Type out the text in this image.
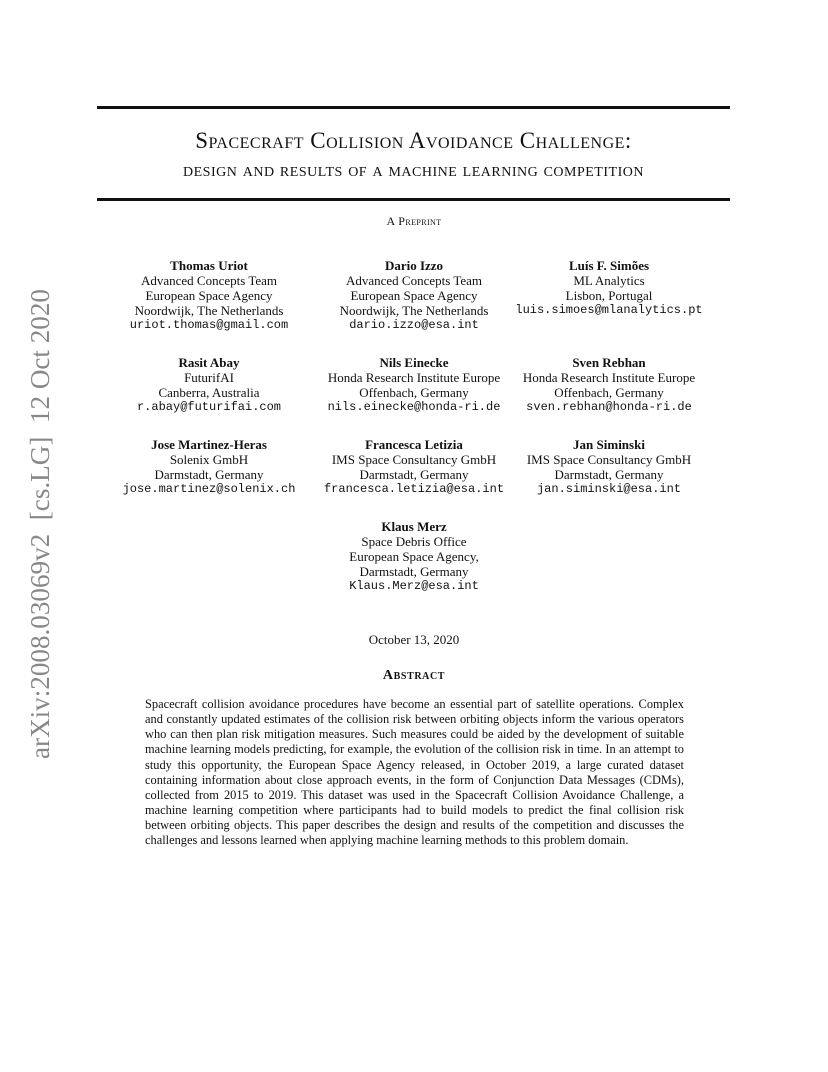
arXiv:2008.03069v2  [cs.LG]  12 Oct 2020
Spacecraft Collision Avoidance Challenge:
design and results of a machine learning competition
A Preprint
Thomas Uriot
Advanced Concepts Team
European Space Agency
Noordwijk, The Netherlands
uriot.thomas@gmail.com
Dario Izzo
Advanced Concepts Team
European Space Agency
Noordwijk, The Netherlands
dario.izzo@esa.int
Luís F. Simões
ML Analytics
Lisbon, Portugal
luis.simoes@mlanalytics.pt
Rasit Abay
FuturifAI
Canberra, Australia
r.abay@futurifai.com
Nils Einecke
Honda Research Institute Europe
Offenbach, Germany
nils.einecke@honda-ri.de
Sven Rebhan
Honda Research Institute Europe
Offenbach, Germany
sven.rebhan@honda-ri.de
Jose Martinez-Heras
Solenix GmbH
Darmstadt, Germany
jose.martinez@solenix.ch
Francesca Letizia
IMS Space Consultancy GmbH
Darmstadt, Germany
francesca.letizia@esa.int
Jan Siminski
IMS Space Consultancy GmbH
Darmstadt, Germany
jan.siminski@esa.int
Klaus Merz
Space Debris Office
European Space Agency,
Darmstadt, Germany
Klaus.Merz@esa.int
October 13, 2020
Abstract

Spacecraft collision avoidance procedures have become an essential part of satellite operations. Complex and constantly updated estimates of the collision risk between orbiting objects inform the various operators who can then plan risk mitigation measures. Such measures could be aided by the development of suitable machine learning models predicting, for example, the evolution of the collision risk in time. In an attempt to study this opportunity, the European Space Agency released, in October 2019, a large curated dataset containing information about close approach events, in the form of Conjunction Data Messages (CDMs), collected from 2015 to 2019. This dataset was used in the Spacecraft Collision Avoidance Challenge, a machine learning competition where participants had to build models to predict the final collision risk between orbiting objects. This paper describes the design and results of the competition and discusses the challenges and lessons learned when applying machine learning methods to this problem domain.
